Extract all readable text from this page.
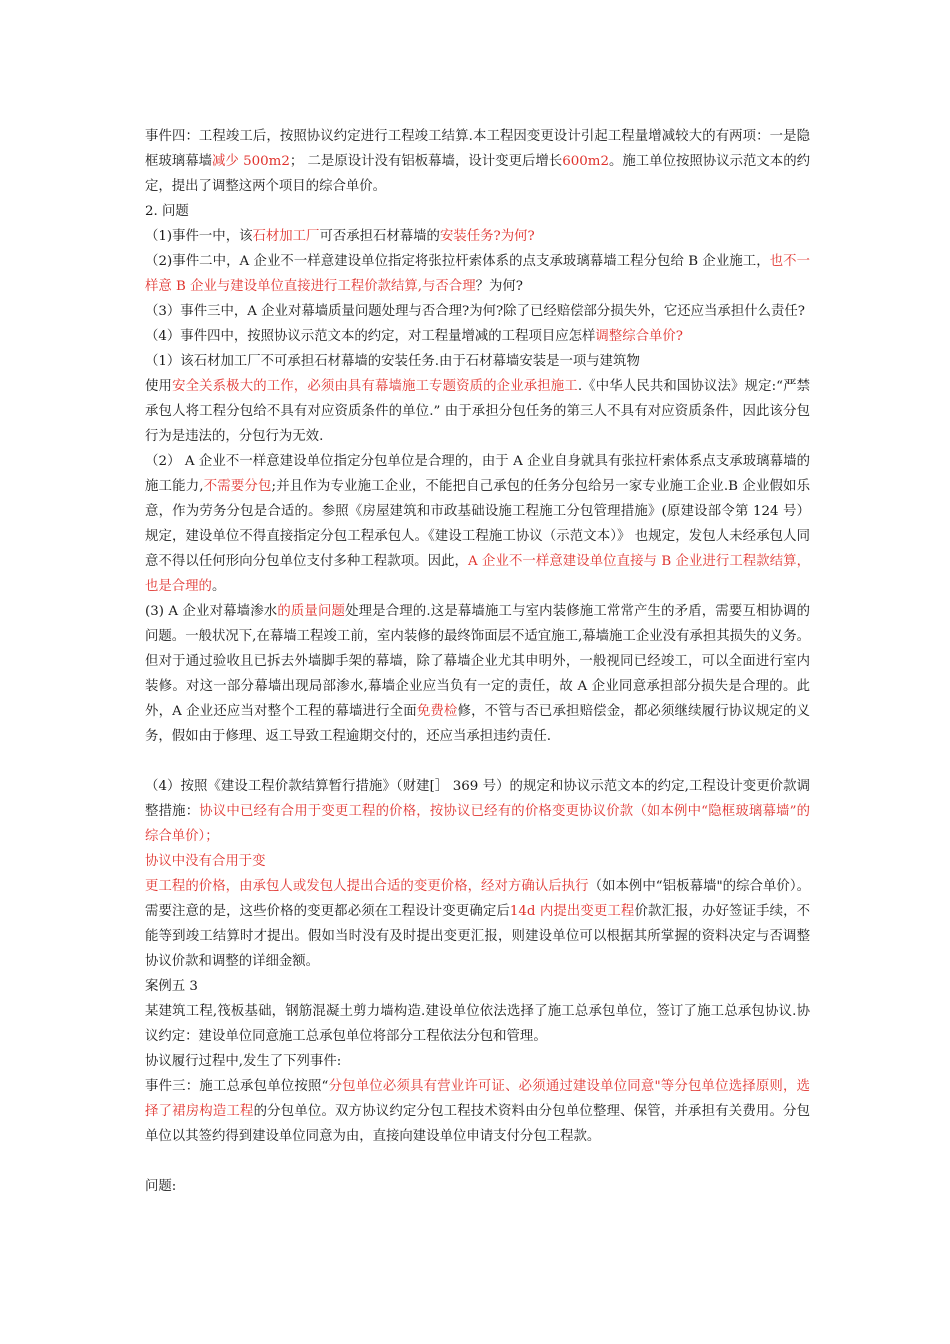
事件四：工程竣工后，按照协议约定进行工程竣工结算.本工程因变更设计引起工程量增减较大的有两项：一是隐框玻璃幕墙减少 500m2； 二是原设计没有铝板幕墙，设计变更后增长600m2。施工单位按照协议示范文本的约定，提出了调整这两个项目的综合单价。

2. 问题

（1)事件一中，该石材加工厂可否承担石材幕墙的安装任务?为何?

（2)事件二中，A 企业不一样意建设单位指定将张拉杆索体系的点支承玻璃幕墙工程分包给 B 企业施工，也不一样意 B 企业与建设单位直接进行工程价款结算,与否合理？为何?

（3）事件三中，A 企业对幕墙质量问题处理与否合理?为何?除了已经赔偿部分损失外，它还应当承担什么责任?

（4）事件四中，按照协议示范文本的约定，对工程量增减的工程项目应怎样调整综合单价?

（1）该石材加工厂不可承担石材幕墙的安装任务.由于石材幕墙安装是一项与建筑物

使用安全关系极大的工作，必须由具有幕墙施工专题资质的企业承担施工.《中华人民共和国协议法》规定:“严禁承包人将工程分包给不具有对应资质条件的单位.” 由于承担分包任务的第三人不具有对应资质条件，因此该分包行为是违法的，分包行为无效.

（2） A 企业不一样意建设单位指定分包单位是合理的，由于 A 企业自身就具有张拉杆索体系点支承玻璃幕墙的施工能力,不需要分包;并且作为专业施工企业，不能把自己承包的任务分包给另一家专业施工企业.B 企业假如乐意，作为劳务分包是合适的。参照《房屋建筑和市政基础设施工程施工分包管理措施》(原建设部令第 124 号）规定，建设单位不得直接指定分包工程承包人。《建设工程施工协议（示范文本）》 也规定，发包人未经承包人同意不得以任何形向分包单位支付多种工程款项。因此，A 企业不一样意建设单位直接与 B 企业进行工程款结算，也是合理的。

(3) A 企业对幕墙渗水的质量问题处理是合理的.这是幕墙施工与室内装修施工常常产生的矛盾，需要互相协调的问题。一般状况下,在幕墙工程竣工前，室内装修的最终饰面层不适宜施工,幕墙施工企业没有承担其损失的义务。但对于通过验收且已拆去外墙脚手架的幕墙，除了幕墙企业尤其申明外，一般视同已经竣工，可以全面进行室内装修。对这一部分幕墙出现局部渗水,幕墙企业应当负有一定的责任，故 A 企业同意承担部分损失是合理的。此外，A 企业还应当对整个工程的幕墙进行全面免费检修，不管与否已承担赔偿金，都必须继续履行协议规定的义务，假如由于修理、返工导致工程逾期交付的，还应当承担违约责任.

（4）按照《建设工程价款结算暂行措施》（财建[］ 369 号）的规定和协议示范文本的约定,工程设计变更价款调整措施：协议中已经有合用于变更工程的价格，按协议已经有的价格变更协议价款（如本例中“隐框玻璃幕墙”的综合单价）；

协议中没有合用于变

更工程的价格，由承包人或发包人提出合适的变更价格，经对方确认后执行（如本例中“铝板幕墙"的综合单价）。需要注意的是，这些价格的变更都必须在工程设计变更确定后14d 内提出变更工程价款汇报，办好签证手续，不能等到竣工结算时才提出。假如当时没有及时提出变更汇报，则建设单位可以根据其所掌握的资料决定与否调整协议价款和调整的详细金额。

案例五 3

某建筑工程,筏板基础，钢筋混凝土剪力墙构造.建设单位依法选择了施工总承包单位，签订了施工总承包协议.协议约定：建设单位同意施工总承包单位将部分工程依法分包和管理。

协议履行过程中,发生了下列事件:

事件三：施工总承包单位按照“分包单位必须具有营业许可证、必须通过建设单位同意"等分包单位选择原则，选择了裙房构造工程的分包单位。双方协议约定分包工程技术资料由分包单位整理、保管，并承担有关费用。分包单位以其签约得到建设单位同意为由，直接向建设单位申请支付分包工程款。

问题:
